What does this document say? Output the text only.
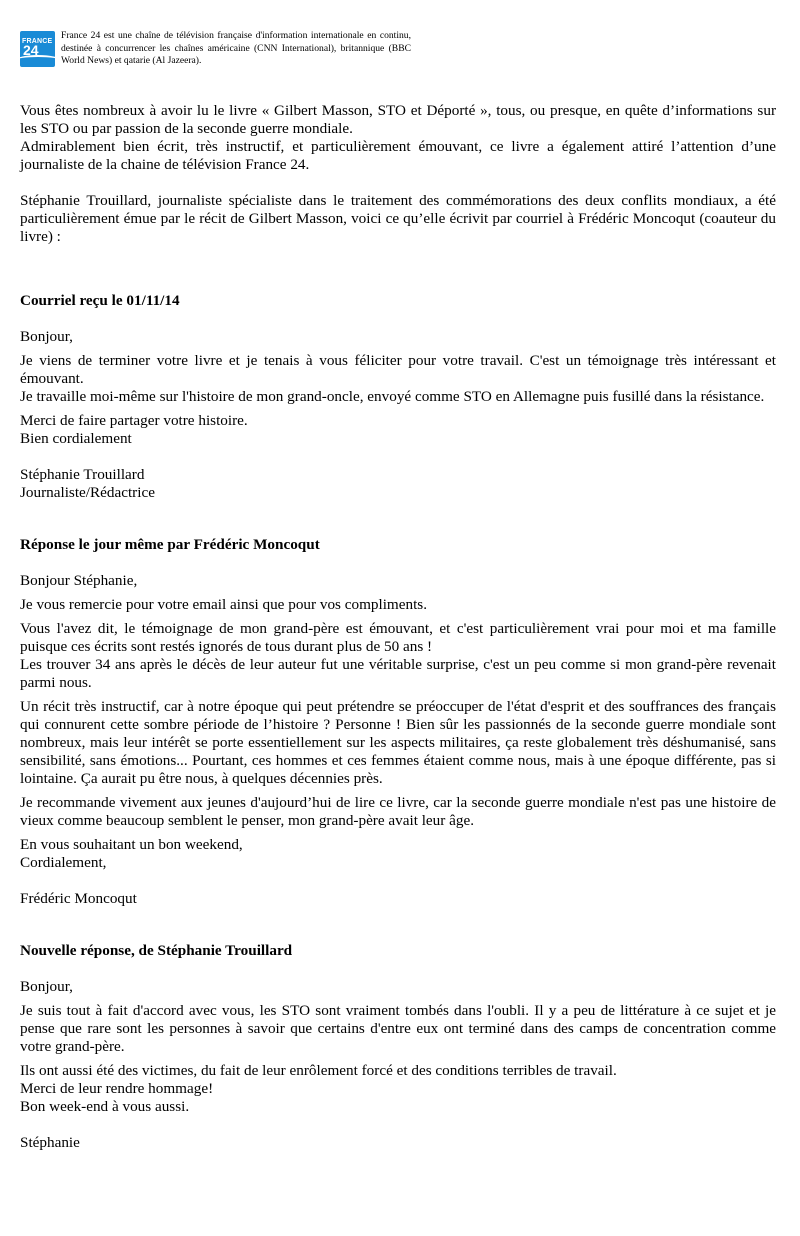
FRANCE
24
France 24 est une chaîne de télévision française d'information internationale en continu, destinée à concurrencer les chaînes américaine (CNN International), britannique (BBC World News) et qatarie (Al Jazeera).

Vous êtes nombreux à avoir lu le livre « Gilbert Masson, STO et Déporté », tous, ou presque, en quête d’informations sur les STO ou par passion de la seconde guerre mondiale.

Admirablement bien écrit, très instructif, et particulièrement émouvant, ce livre a également attiré l’attention d’une journaliste de la chaine de télévision France 24.

Stéphanie Trouillard, journaliste spécialiste dans le traitement des commémorations des deux conflits mondiaux, a été particulièrement émue par le récit de Gilbert Masson, voici ce qu’elle écrivit par courriel à Frédéric Moncoqut (coauteur du livre) :

Courriel reçu le 01/11/14

Bonjour,

Je viens de terminer votre livre et je tenais à vous féliciter pour votre travail. C'est un témoignage très intéressant et émouvant.

Je travaille moi-même sur l'histoire de mon grand-oncle, envoyé comme STO en Allemagne puis fusillé dans la résistance.

Merci de faire partager votre histoire.

Bien cordialement

Stéphanie Trouillard

Journaliste/Rédactrice

Réponse le jour même par Frédéric Moncoqut

Bonjour Stéphanie,

Je vous remercie pour votre email ainsi que pour vos compliments.

Vous l'avez dit, le témoignage de mon grand-père est émouvant, et c'est particulièrement vrai pour moi et ma famille puisque ces écrits sont restés ignorés de tous durant plus de 50 ans !

Les trouver 34 ans après le décès de leur auteur fut une véritable surprise, c'est un peu comme si mon grand-père revenait parmi nous.

Un récit très instructif, car à notre époque qui peut prétendre se préoccuper de l'état d'esprit et des souffrances des français qui connurent cette sombre période de l’histoire ? Personne ! Bien sûr les passionnés de la seconde guerre mondiale sont nombreux, mais leur intérêt se porte essentiellement sur les aspects militaires, ça reste globalement très déshumanisé, sans sensibilité, sans émotions... Pourtant, ces hommes et ces femmes étaient comme nous, mais à une époque différente, pas si lointaine. Ça aurait pu être nous, à quelques décennies près.

Je recommande vivement aux jeunes d'aujourd’hui de lire ce livre, car la seconde guerre mondiale n'est pas une histoire de vieux comme beaucoup semblent le penser, mon grand-père avait leur âge.

En vous souhaitant un bon weekend,

Cordialement,

Frédéric Moncoqut

Nouvelle réponse, de Stéphanie Trouillard

Bonjour,

Je suis tout à fait d'accord avec vous, les STO sont vraiment tombés dans l'oubli. Il y a peu de littérature à ce sujet et je pense que rare sont les personnes à savoir que certains d'entre eux ont terminé dans des camps de concentration comme votre grand-père.

Ils ont aussi été des victimes, du fait de leur enrôlement forcé et des conditions terribles de travail.

Merci de leur rendre hommage!

Bon week-end à vous aussi.

Stéphanie
